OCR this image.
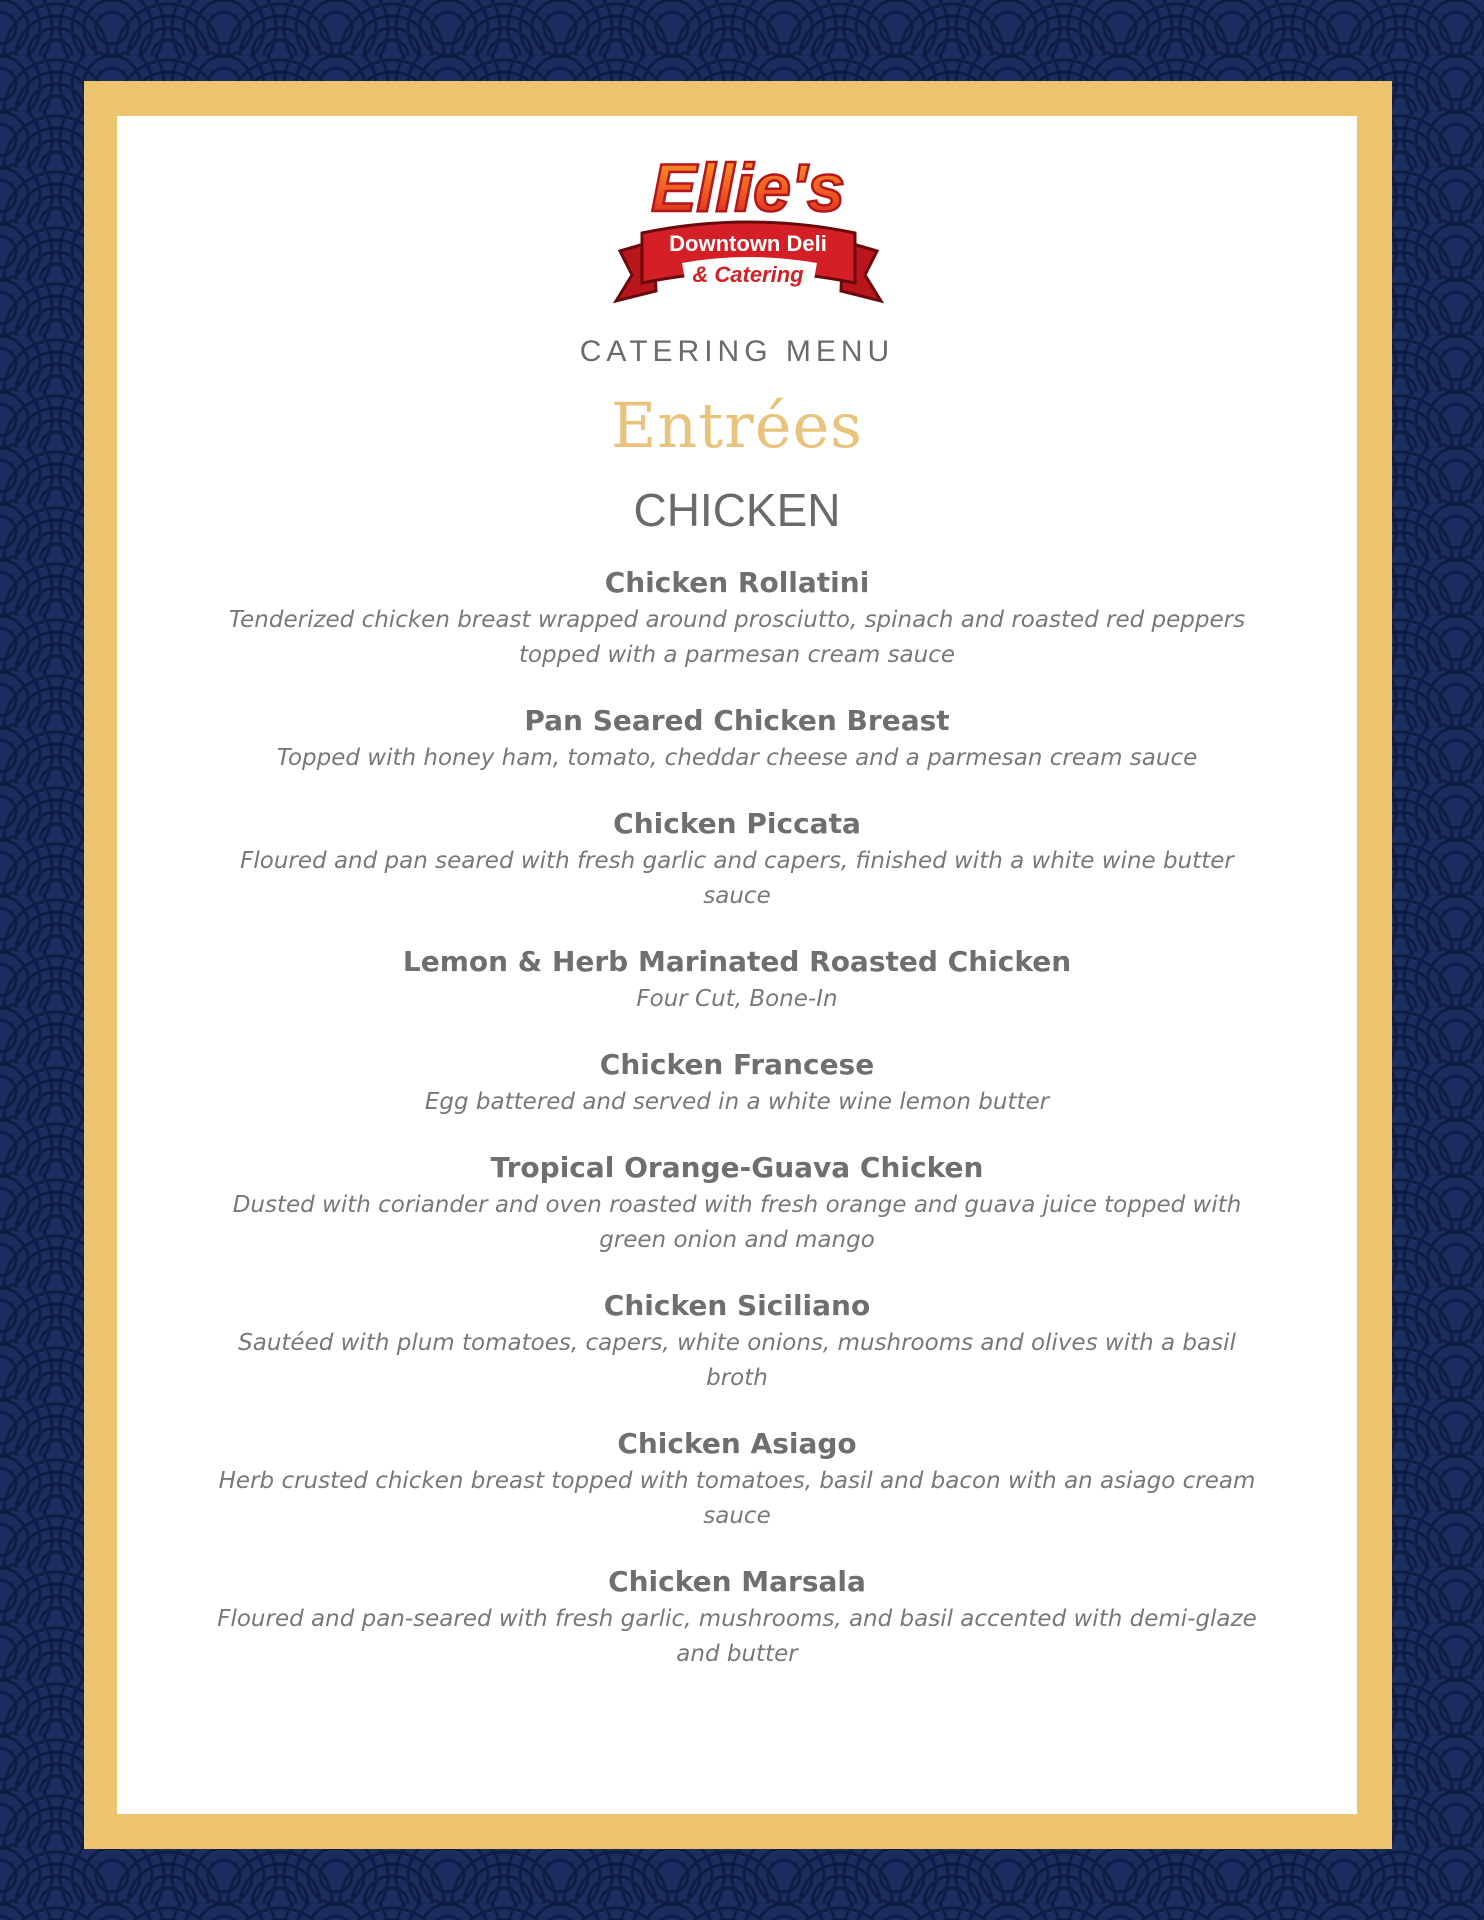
Ellie's
Downtown Deli
& Catering
CATERING MENU
Entrées
CHICKEN
Chicken Rollatini
Tenderized chicken breast wrapped around prosciutto, spinach and roasted red peppers topped with a parmesan cream sauce
Pan Seared Chicken Breast
Topped with honey ham, tomato, cheddar cheese and a parmesan cream sauce
Chicken Piccata
Floured and pan seared with fresh garlic and capers, finished with a white wine butter sauce
Lemon & Herb Marinated Roasted Chicken
Four Cut, Bone-In
Chicken Francese
Egg battered and served in a white wine lemon butter
Tropical Orange-Guava Chicken
Dusted with coriander and oven roasted with fresh orange and guava juice topped with green onion and mango
Chicken Siciliano
Sautéed with plum tomatoes, capers, white onions, mushrooms and olives with a basil broth
Chicken Asiago
Herb crusted chicken breast topped with tomatoes, basil and bacon with an asiago cream sauce
Chicken Marsala
Floured and pan-seared with fresh garlic, mushrooms, and basil accented with demi-glaze and butter
